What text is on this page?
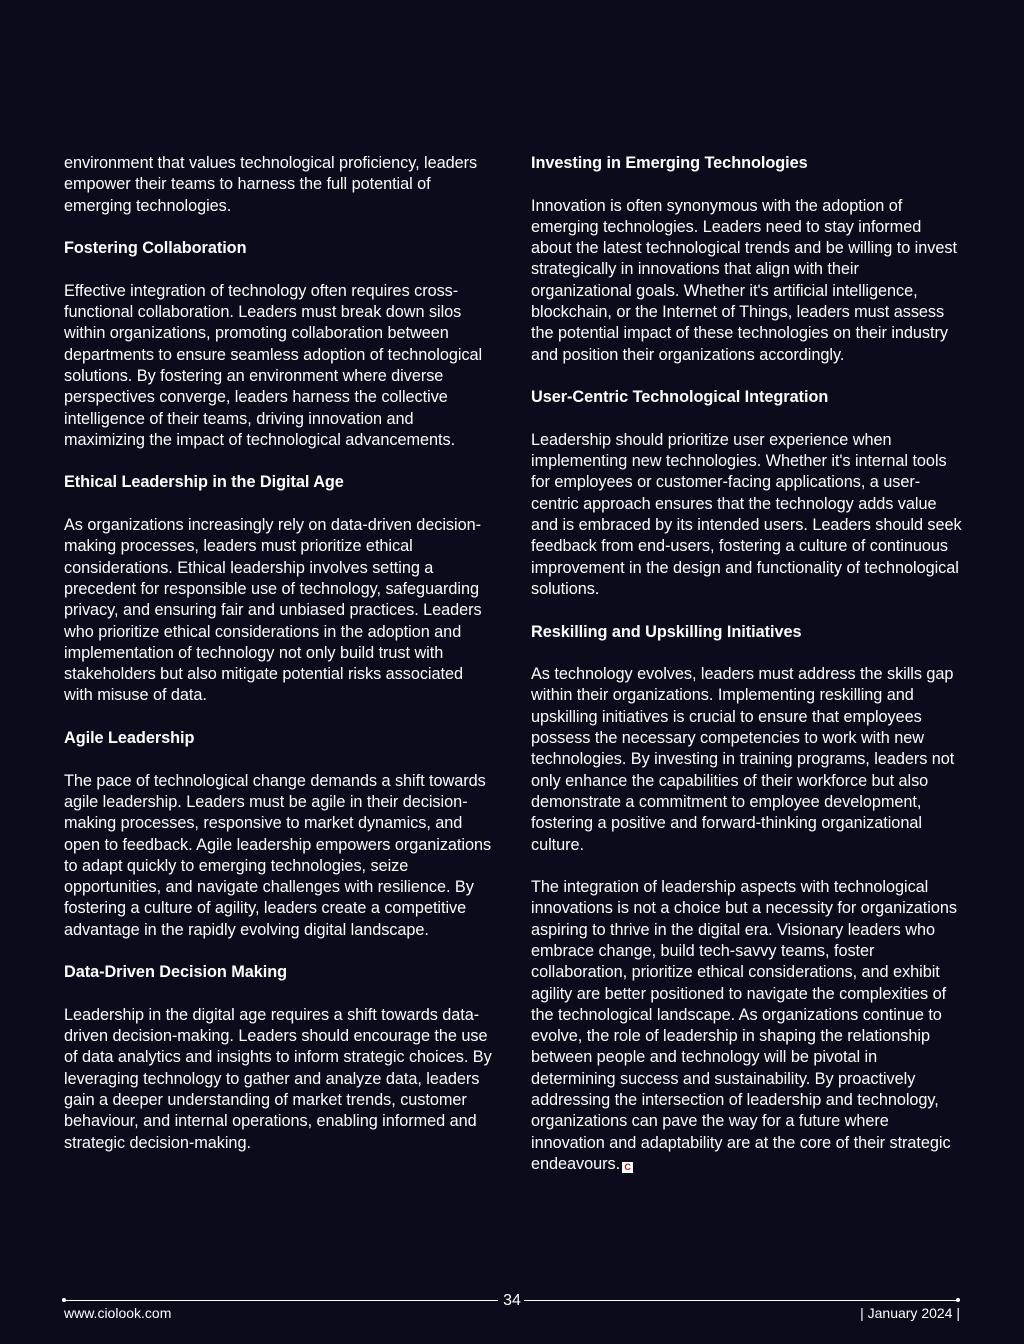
environment that values technological proficiency, leaders empower their teams to harness the full potential of emerging technologies.

Fostering Collaboration

Effective integration of technology often requires cross-functional collaboration. Leaders must break down silos within organizations, promoting collaboration between departments to ensure seamless adoption of technological solutions. By fostering an environment where diverse perspectives converge, leaders harness the collective intelligence of their teams, driving innovation and maximizing the impact of technological advancements.

Ethical Leadership in the Digital Age

As organizations increasingly rely on data-driven decision-making processes, leaders must prioritize ethical considerations. Ethical leadership involves setting a precedent for responsible use of technology, safeguarding privacy, and ensuring fair and unbiased practices. Leaders who prioritize ethical considerations in the adoption and implementation of technology not only build trust with stakeholders but also mitigate potential risks associated with misuse of data.

Agile Leadership

The pace of technological change demands a shift towards agile leadership. Leaders must be agile in their decision-making processes, responsive to market dynamics, and open to feedback. Agile leadership empowers organizations to adapt quickly to emerging technologies, seize opportunities, and navigate challenges with resilience. By fostering a culture of agility, leaders create a competitive advantage in the rapidly evolving digital landscape.

Data-Driven Decision Making

Leadership in the digital age requires a shift towards data-driven decision-making. Leaders should encourage the use of data analytics and insights to inform strategic choices. By leveraging technology to gather and analyze data, leaders gain a deeper understanding of market trends, customer behaviour, and internal operations, enabling informed and strategic decision-making.

Investing in Emerging Technologies

Innovation is often synonymous with the adoption of emerging technologies. Leaders need to stay informed about the latest technological trends and be willing to invest strategically in innovations that align with their organizational goals. Whether it's artificial intelligence, blockchain, or the Internet of Things, leaders must assess the potential impact of these technologies on their industry and position their organizations accordingly.

User-Centric Technological Integration

Leadership should prioritize user experience when implementing new technologies. Whether it's internal tools for employees or customer-facing applications, a user-centric approach ensures that the technology adds value and is embraced by its intended users. Leaders should seek feedback from end-users, fostering a culture of continuous improvement in the design and functionality of technological solutions.

Reskilling and Upskilling Initiatives

As technology evolves, leaders must address the skills gap within their organizations. Implementing reskilling and upskilling initiatives is crucial to ensure that employees possess the necessary competencies to work with new technologies. By investing in training programs, leaders not only enhance the capabilities of their workforce but also demonstrate a commitment to employee development, fostering a positive and forward-thinking organizational culture.

The integration of leadership aspects with technological innovations is not a choice but a necessity for organizations aspiring to thrive in the digital era. Visionary leaders who embrace change, build tech-savvy teams, foster collaboration, prioritize ethical considerations, and exhibit agility are better positioned to navigate the complexities of the technological landscape. As organizations continue to evolve, the role of leadership in shaping the relationship between people and technology will be pivotal in determining success and sustainability. By proactively addressing the intersection of leadership and technology, organizations can pave the way for a future where innovation and adaptability are at the core of their strategic endeavours. C

34
www.ciolook.com	| January 2024 |
